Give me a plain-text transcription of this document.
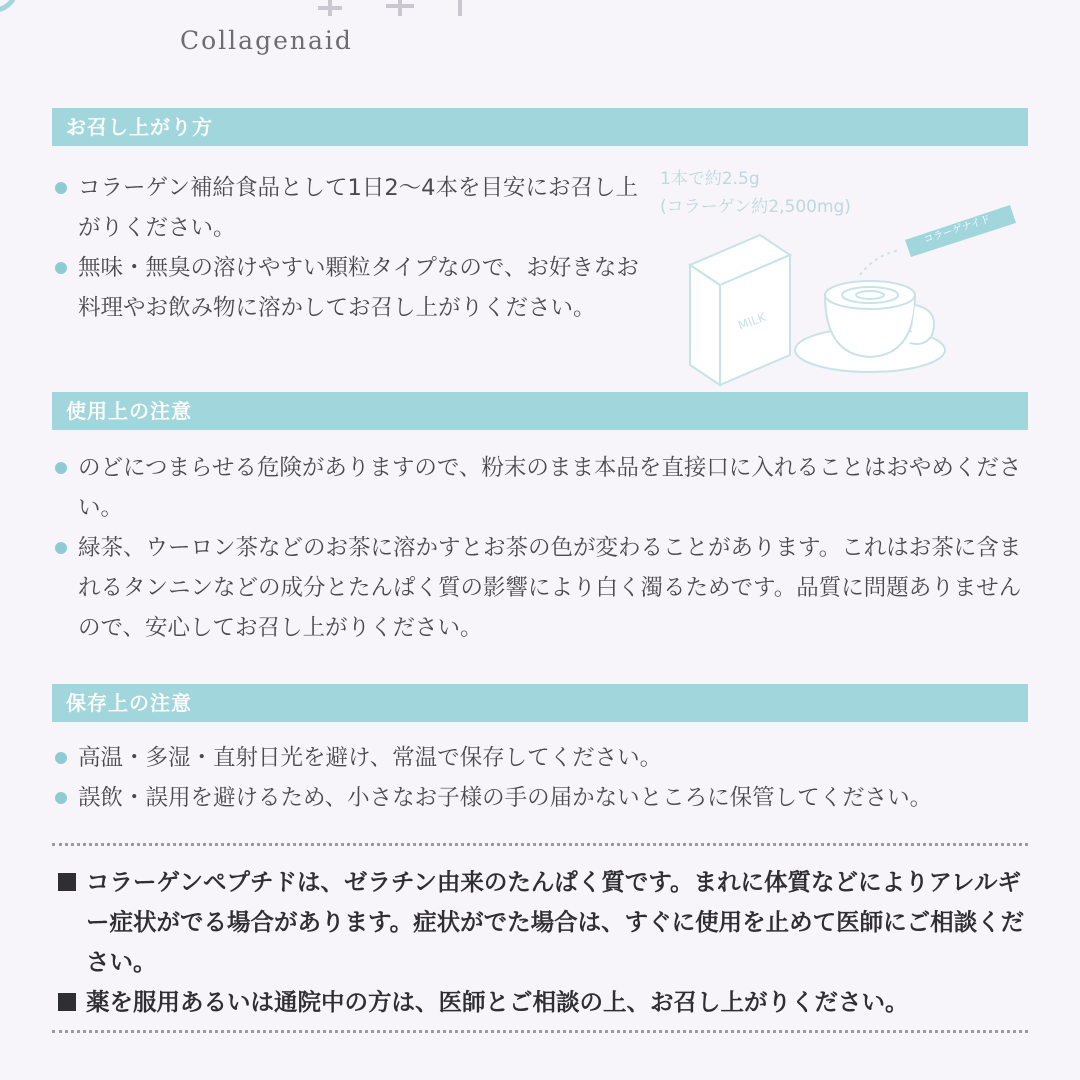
Collagenaid
お召し上がり方
コラーゲン補給食品として1日2〜4本を目安にお召し上がりください。
無味・無臭の溶けやすい顆粒タイプなので、お好きなお料理やお飲み物に溶かしてお召し上がりください。
1本で約2.5g
(コラーゲン約2,500mg)
MILK
コラーゲナイド
使用上の注意
のどにつまらせる危険がありますので、粉末のまま本品を直接口に入れることはおやめください。
緑茶、ウーロン茶などのお茶に溶かすとお茶の色が変わることがあります。これはお茶に含まれるタンニンなどの成分とたんぱく質の影響により白く濁るためです。品質に問題ありませんので、安心してお召し上がりください。
保存上の注意
高温・多湿・直射日光を避け、常温で保存してください。
誤飲・誤用を避けるため、小さなお子様の手の届かないところに保管してください。
コラーゲンペプチドは、ゼラチン由来のたんぱく質です。まれに体質などによりアレルギー症状がでる場合があります。症状がでた場合は、すぐに使用を止めて医師にご相談ください。
薬を服用あるいは通院中の方は、医師とご相談の上、お召し上がりください。
